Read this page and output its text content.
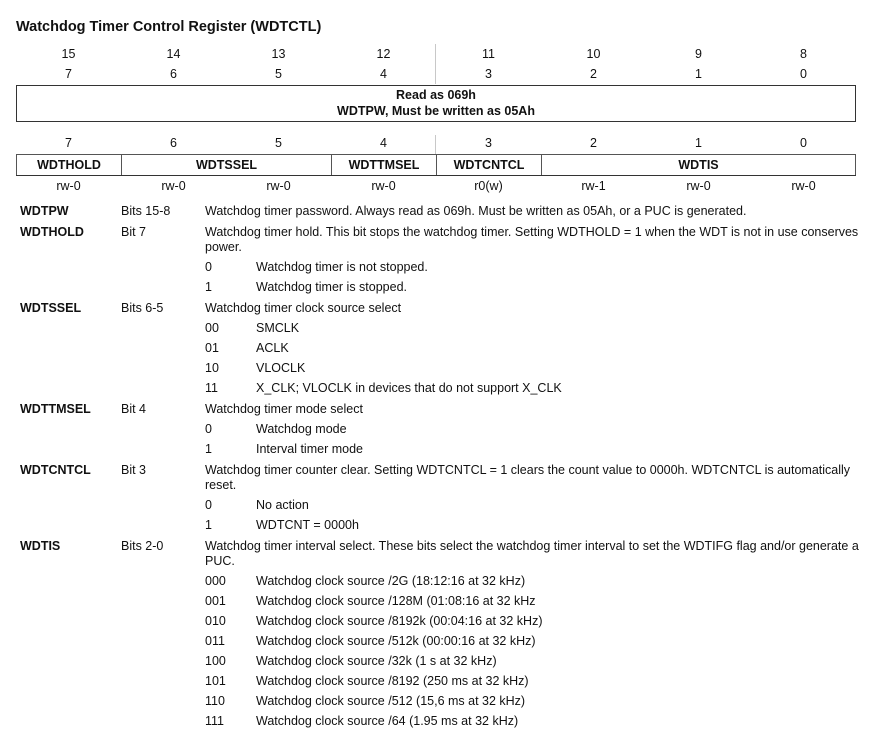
Watchdog Timer Control Register (WDTCTL)
15	14	13	12	11	10	9	8
7	6	5	4	3	2	1	0
Read as 069h
WDTPW, Must be written as 05Ah
7	6	5	4	3	2	1	0
WDTHOLD	WDTSSEL	WDTTMSEL	WDTCNTCL	WDTIS
rw-0	rw-0	rw-0	rw-0	r0(w)	rw-1	rw-0	rw-0
WDTPW	Bits 15-8	Watchdog timer password. Always read as 069h. Must be written as 05Ah, or a PUC is generated.
WDTHOLD	Bit 7	Watchdog timer hold. This bit stops the watchdog timer. Setting WDTHOLD = 1 when the WDT is not in use conserves power.
0	Watchdog timer is not stopped.
1	Watchdog timer is stopped.
WDTSSEL	Bits 6-5	Watchdog timer clock source select
00	SMCLK
01	ACLK
10	VLOCLK
11	X_CLK; VLOCLK in devices that do not support X_CLK
WDTTMSEL	Bit 4	Watchdog timer mode select
0	Watchdog mode
1	Interval timer mode
WDTCNTCL	Bit 3	Watchdog timer counter clear. Setting WDTCNTCL = 1 clears the count value to 0000h. WDTCNTCL is automatically reset.
0	No action
1	WDTCNT = 0000h
WDTIS	Bits 2-0	Watchdog timer interval select. These bits select the watchdog timer interval to set the WDTIFG flag and/or generate a PUC.
000	Watchdog clock source /2G (18:12:16 at 32 kHz)
001	Watchdog clock source /128M (01:08:16 at 32 kHz
010	Watchdog clock source /8192k (00:04:16 at 32 kHz)
011	Watchdog clock source /512k (00:00:16 at 32 kHz)
100	Watchdog clock source /32k (1 s at 32 kHz)
101	Watchdog clock source /8192 (250 ms at 32 kHz)
110	Watchdog clock source /512 (15,6 ms at 32 kHz)
111	Watchdog clock source /64 (1.95 ms at 32 kHz)
